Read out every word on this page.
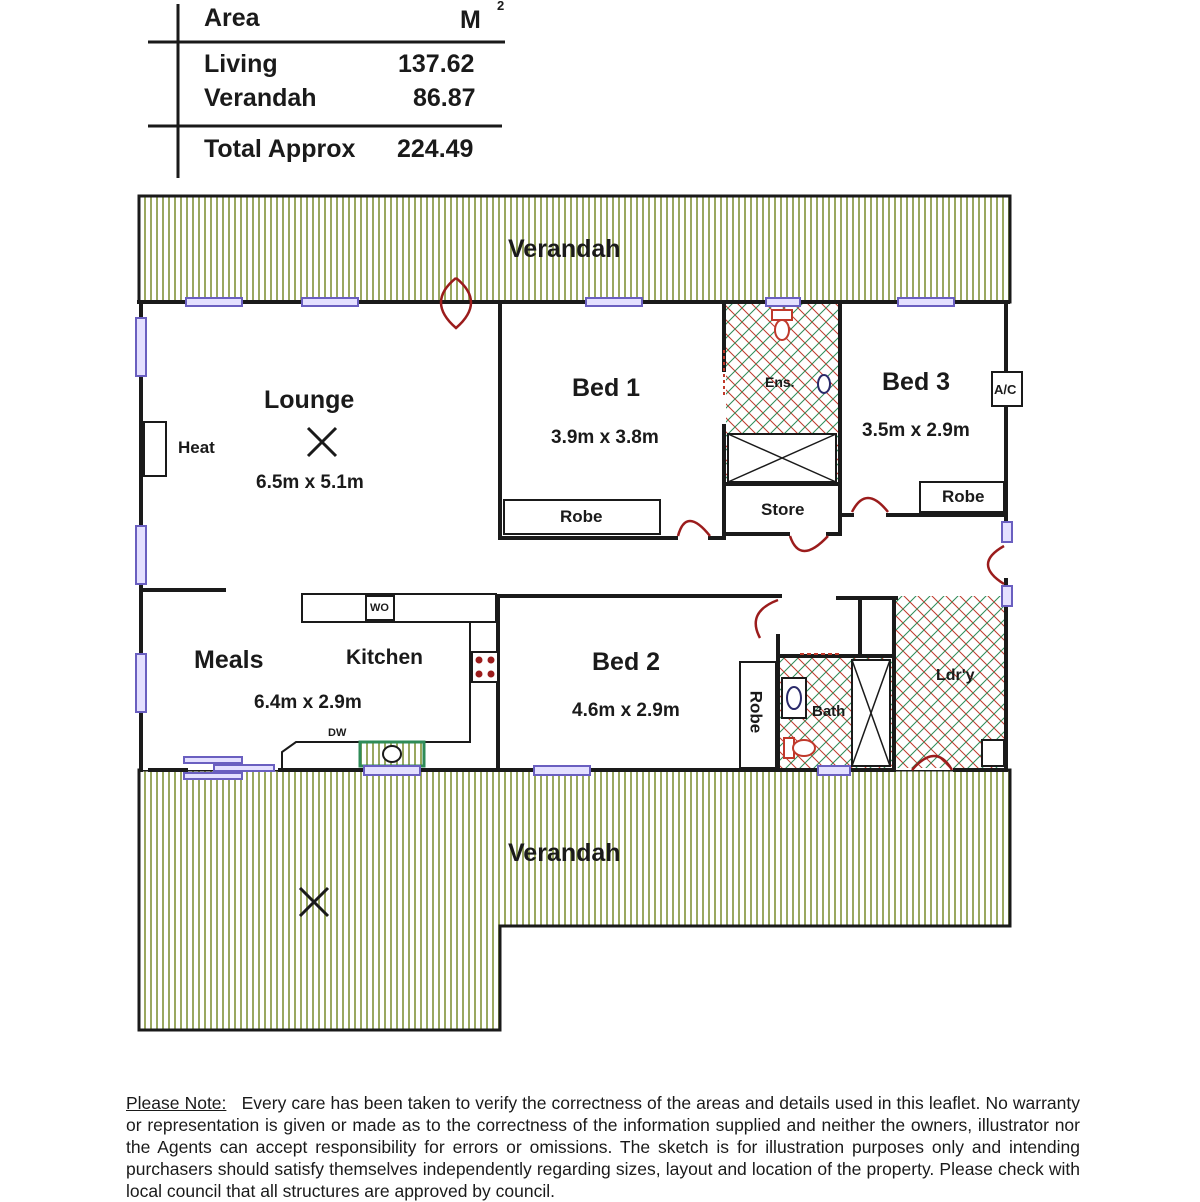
Area	M
2
Living	137.62
Verandah	86.87
Total Approx 224.49
Verandah
Verandah
Lounge
6.5m x 5.1m
Heat
Bed 1
3.9m x 3.8m
Robe
Ens.	Bed 3
3.5m x 2.9m
Robe
A/C
Store
Meals
6.4m x 2.9m
Kitchen
WO
DW
Bed 2
4.6m x 2.9m	Robe	Bath
Ldr'y
Please Note: Every care has been taken to verify the correctness of the areas and details used in this leaflet. No warranty or representation is given or made as to the correctness of the information supplied and neither the owners, illustrator nor the Agents can accept responsibility for errors or omissions. The sketch is for illustration purposes only and intending purchasers should satisfy themselves independently regarding sizes, layout and location of the property. Please check with local council that all structures are approved by council.
